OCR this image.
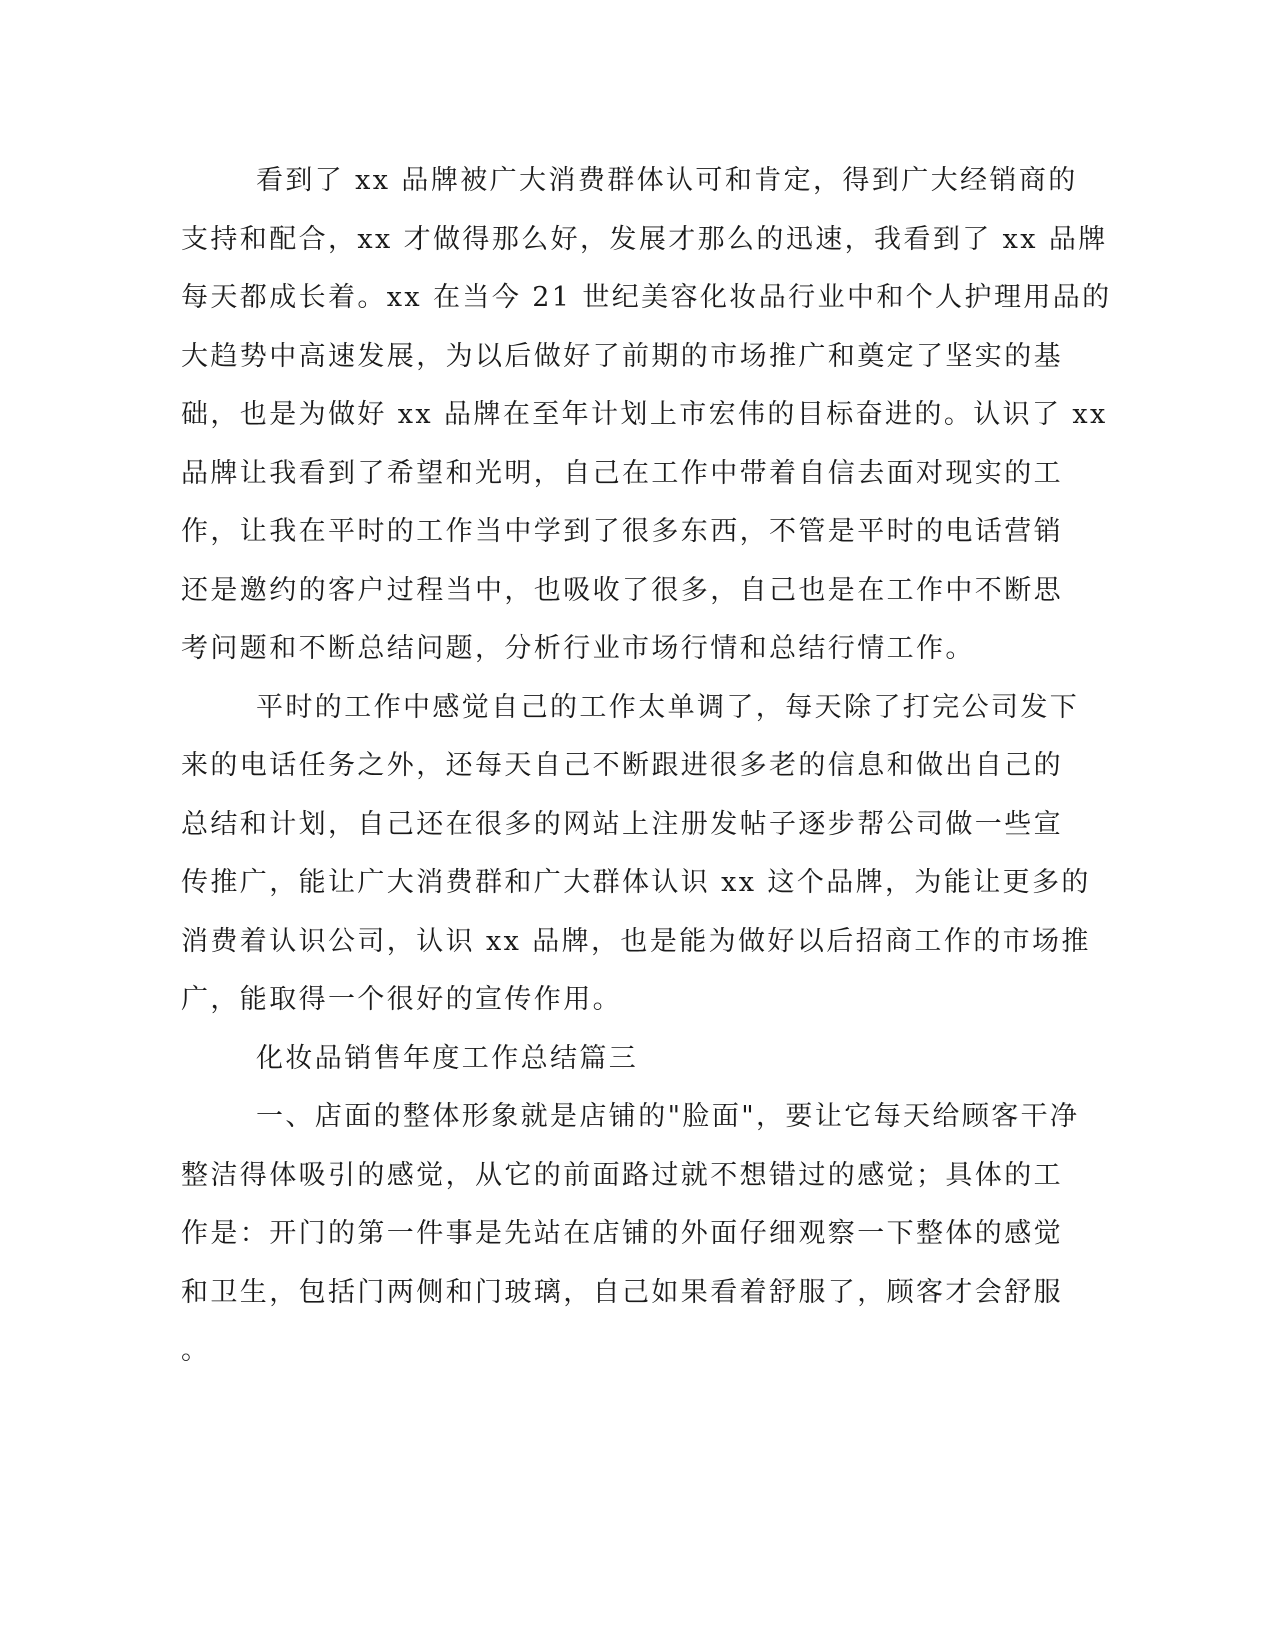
看到了 xx 品牌被广大消费群体认可和肯定，得到广大经销商的
支持和配合，xx 才做得那么好，发展才那么的迅速，我看到了 xx 品牌
每天都成长着。xx 在当今 21 世纪美容化妆品行业中和个人护理用品的
大趋势中高速发展，为以后做好了前期的市场推广和奠定了坚实的基
础，也是为做好 xx 品牌在至年计划上市宏伟的目标奋进的。认识了 xx
品牌让我看到了希望和光明，自己在工作中带着自信去面对现实的工
作，让我在平时的工作当中学到了很多东西，不管是平时的电话营销
还是邀约的客户过程当中，也吸收了很多，自己也是在工作中不断思
考问题和不断总结问题，分析行业市场行情和总结行情工作。
平时的工作中感觉自己的工作太单调了，每天除了打完公司发下
来的电话任务之外，还每天自己不断跟进很多老的信息和做出自己的
总结和计划，自己还在很多的网站上注册发帖子逐步帮公司做一些宣
传推广，能让广大消费群和广大群体认识 xx 这个品牌，为能让更多的
消费着认识公司，认识 xx 品牌，也是能为做好以后招商工作的市场推
广，能取得一个很好的宣传作用。
化妆品销售年度工作总结篇三
一、店面的整体形象就是店铺的"脸面"，要让它每天给顾客干净
整洁得体吸引的感觉，从它的前面路过就不想错过的感觉；具体的工
作是：开门的第一件事是先站在店铺的外面仔细观察一下整体的感觉
和卫生，包括门两侧和门玻璃，自己如果看着舒服了，顾客才会舒服
。
